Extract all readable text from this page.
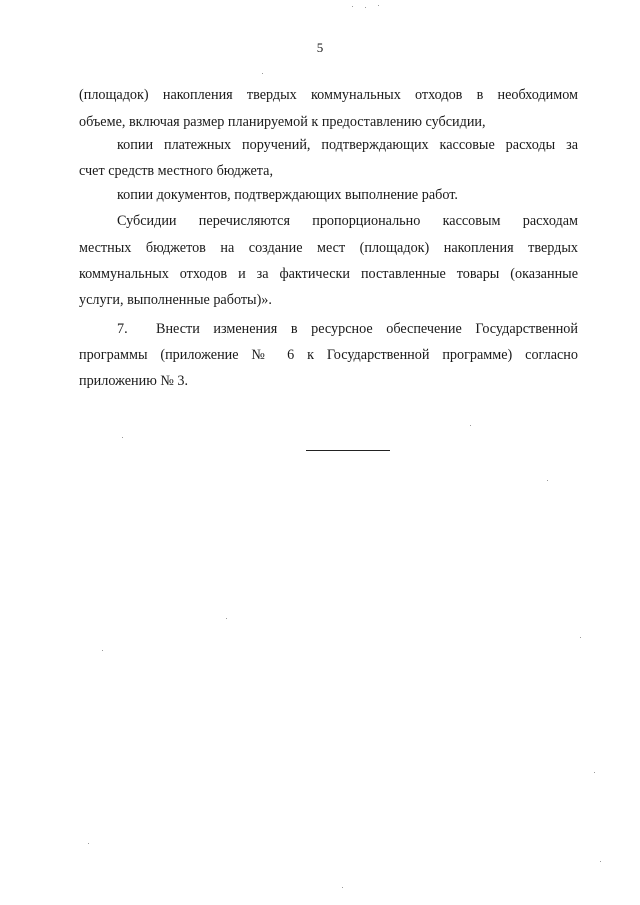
5
(площадок) накопления твердых коммунальных отходов в необходимом
объеме, включая размер планируемой к предоставлению субсидии,
копии платежных поручений, подтверждающих кассовые расходы за
счет средств местного бюджета,
копии документов, подтверждающих выполнение работ.
Субсидии перечисляются пропорционально кассовым расходам
местных бюджетов на создание мест (площадок) накопления твердых
коммунальных отходов и за фактически поставленные товары (оказанные
услуги, выполненные работы)».
7. Внести изменения в ресурсное обеспечение Государственной
программы (приложение № 6 к Государственной программе) согласно
приложению № 3.
